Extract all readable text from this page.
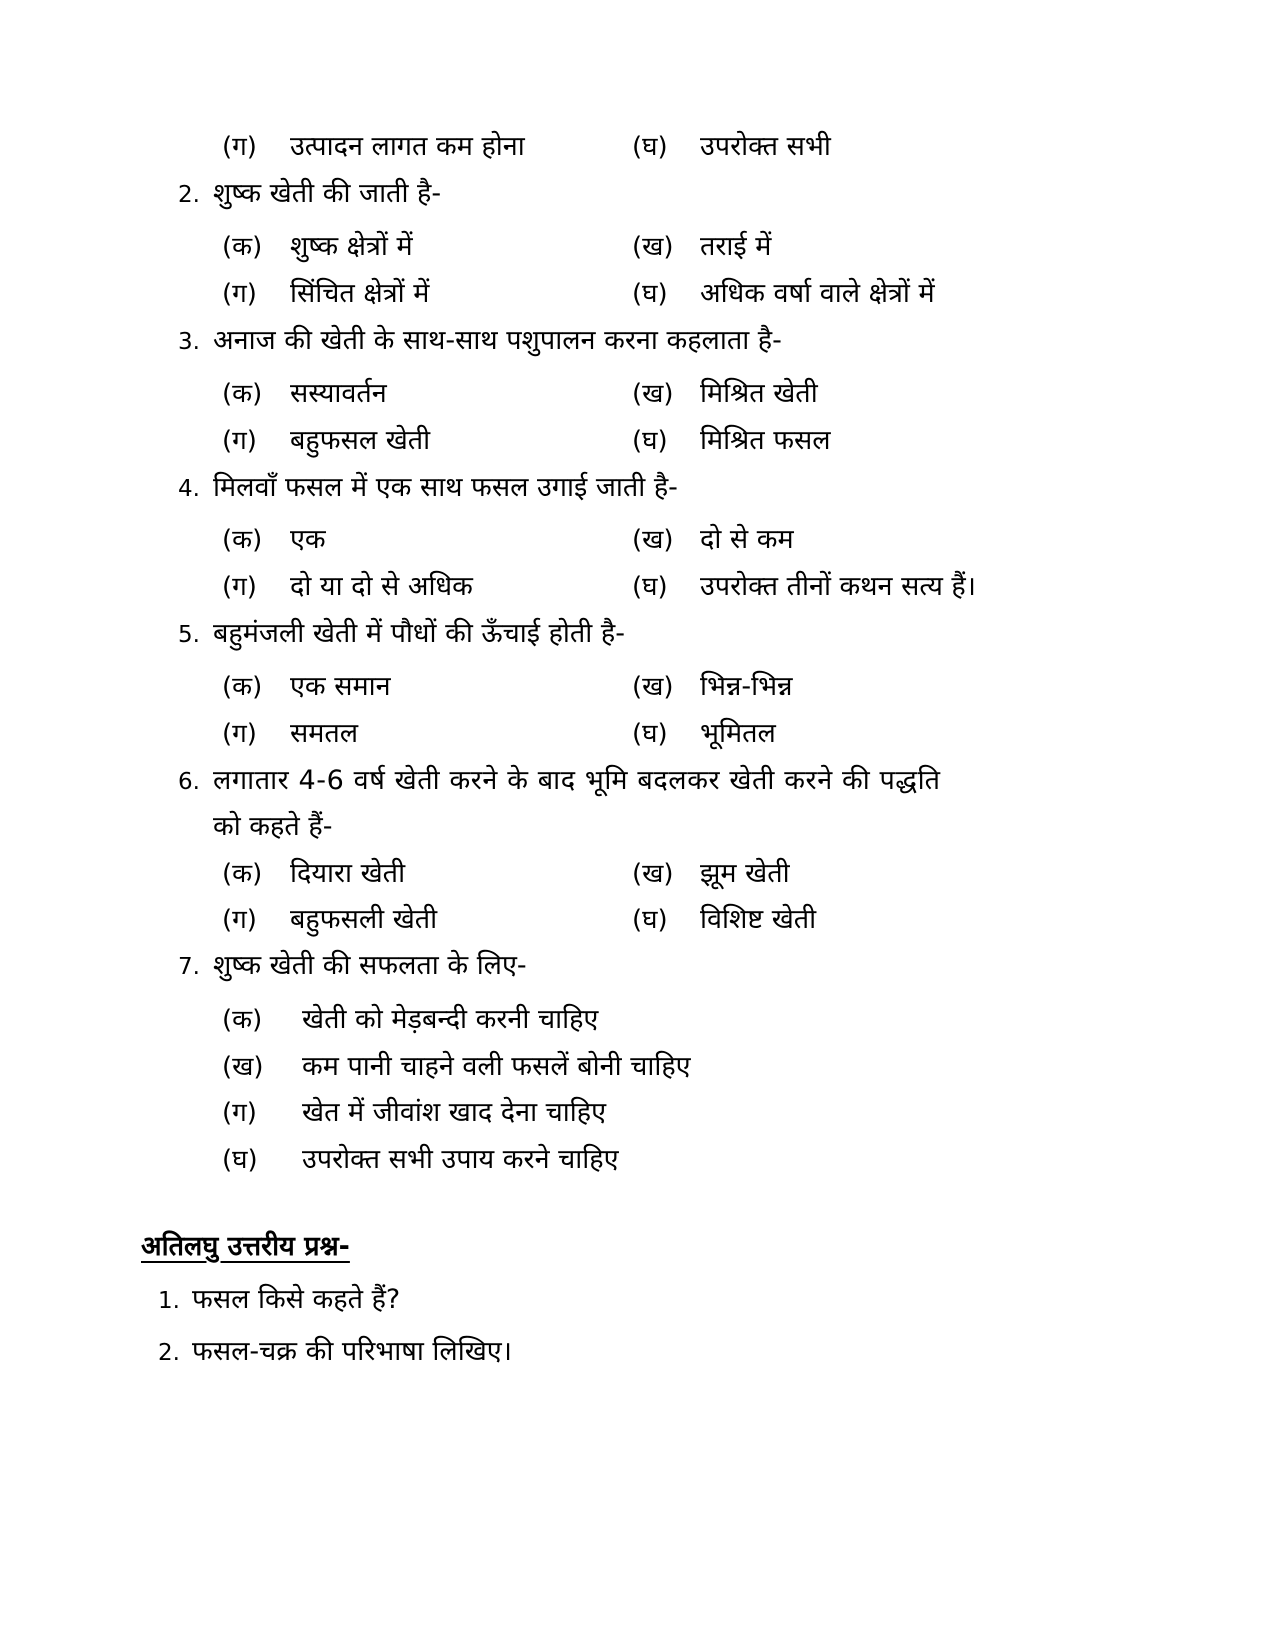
(ग) उत्पादन लागत कम होना	(घ) उपरोक्त सभी
2. शुष्क खेती की जाती है-
(क) शुष्क क्षेत्रों में	(ख) तराई में
(ग) सिंचित क्षेत्रों में	(घ) अधिक वर्षा वाले क्षेत्रों में
3. अनाज की खेती के साथ-साथ पशुपालन करना कहलाता है-
(क) सस्यावर्तन	(ख) मिश्रित खेती
(ग) बहुफसल खेती	(घ) मिश्रित फसल
4. मिलवाँ फसल में एक साथ फसल उगाई जाती है-
(क) एक	(ख) दो से कम
(ग) दो या दो से अधिक	(घ) उपरोक्त तीनों कथन सत्य हैं।
5. बहुमंजली खेती में पौधों की ऊँचाई होती है-
(क) एक समान	(ख) भिन्न-भिन्न
(ग) समतल	(घ) भूमितल
6. लगातार 4-6 वर्ष खेती करने के बाद भूमि बदलकर खेती करने की पद्धति
को कहते हैं-
(क) दियारा खेती	(ख) झूम खेती
(ग) बहुफसली खेती	(घ) विशिष्ट खेती
7. शुष्क खेती की सफलता के लिए-
(क) खेती को मेड़बन्दी करनी चाहिए
(ख) कम पानी चाहने वली फसलें बोनी चाहिए
(ग) खेत में जीवांश खाद देना चाहिए
(घ) उपरोक्त सभी उपाय करने चाहिए
अतिलघु उत्तरीय प्रश्न-
1. फसल किसे कहते हैं?
2. फसल-चक्र की परिभाषा लिखिए।
